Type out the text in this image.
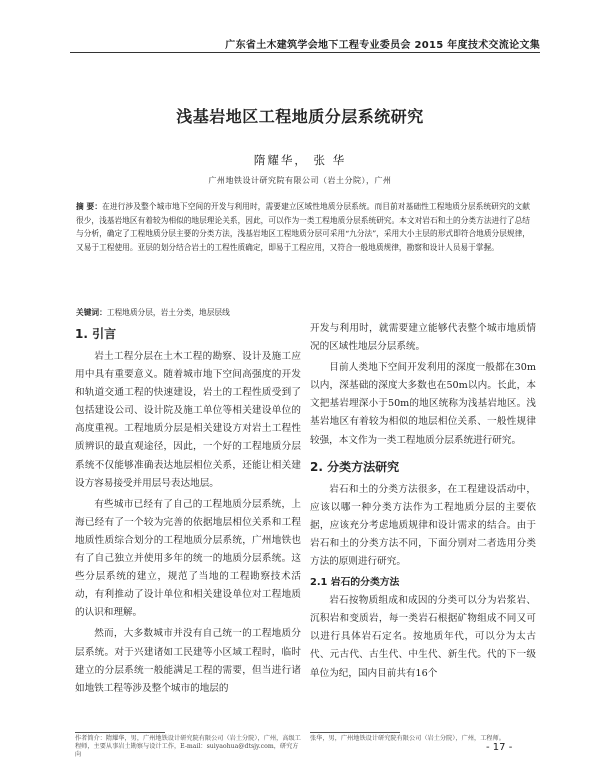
广东省土木建筑学会地下工程专业委员会 2015 年度技术交流论文集
浅基岩地区工程地质分层系统研究
隋耀华， 张 华
广州地铁设计研究院有限公司（岩土分院），广州
摘 要：在进行涉及整个城市地下空间的开发与利用时，需要建立区域性地质分层系统。而目前对基础性工程地质分层系统研究的文献很少，浅基岩地区有着较为相似的地层理论关系，因此，可以作为一类工程地质分层系统研究。本文对岩石和土的分类方法进行了总结与分析，确定了工程地质分层主要的分类方法，浅基岩地区工程地质分层可采用“九分法”，采用大小主层的形式即符合地质分层规律，又易于工程使用。亚层的划分结合岩土的工程性质确定，即易于工程应用，又符合一般地质规律，勘察和设计人员易于掌握。
关键词：工程地质分层，岩土分类，地层层线
1. 引言

岩土工程分层在土木工程的勘察、设计及施工应用中具有重要意义。随着城市地下空间高强度的开发和轨道交通工程的快速建设，岩土的工程性质受到了包括建设公司、设计院及施工单位等相关建设单位的高度重视。工程地质分层是相关建设方对岩土工程性质辨识的最直观途径，因此，一个好的工程地质分层系统不仅能够准确表达地层相位关系，还能让相关建设方容易接受并用层号表达地层。

有些城市已经有了自己的工程地质分层系统，上海已经有了一个较为完善的依据地层相位关系和工程地质性质综合划分的工程地质分层系统，广州地铁也有了自己独立并使用多年的统一的地质分层系统。这些分层系统的建立，规范了当地的工程勘察技术活动，有利推动了设计单位和相关建设单位对工程地质的认识和理解。

然而，大多数城市并没有自己统一的工程地质分层系统。对于兴建诸如工民建等小区域工程时，临时建立的分层系统一般能满足工程的需要，但当进行诸如地铁工程等涉及整个城市的地层的

开发与利用时，就需要建立能够代表整个城市地质情况的区域性地层分层系统。

目前人类地下空间开发利用的深度一般都在30m以内，深基础的深度大多数也在50m以内。长此，本文把基岩埋深小于50m的地区统称为浅基岩地区。浅基岩地区有着较为相似的地层相位关系、一般性规律较强，本文作为一类工程地质分层系统进行研究。

2. 分类方法研究

岩石和土的分类方法很多，在工程建设活动中，应该以哪一种分类方法作为工程地质分层的主要依据，应该充分考虑地质规律和设计需求的结合。由于岩石和土的分类方法不同，下面分别对二者选用分类方法的原则进行研究。

2.1 岩石的分类方法

岩石按物质组成和成因的分类可以分为岩浆岩、沉积岩和变质岩，每一类岩石根据矿物组成不同又可以进行具体岩石定名。按地质年代，可以分为太古代、元古代、古生代、中生代、新生代。代的下一级单位为纪，国内目前共有16个

作者简介：隋耀华，男，广州地铁设计研究院有限公司（岩土分院），广州，高级工程师，主要从事岩土勘察与设计工作，E-mail：suiyaohua@dtsjy.com，研究方向
张华，男，广州地铁设计研究院有限公司（岩土分院），广州，工程师。
- 17 -
